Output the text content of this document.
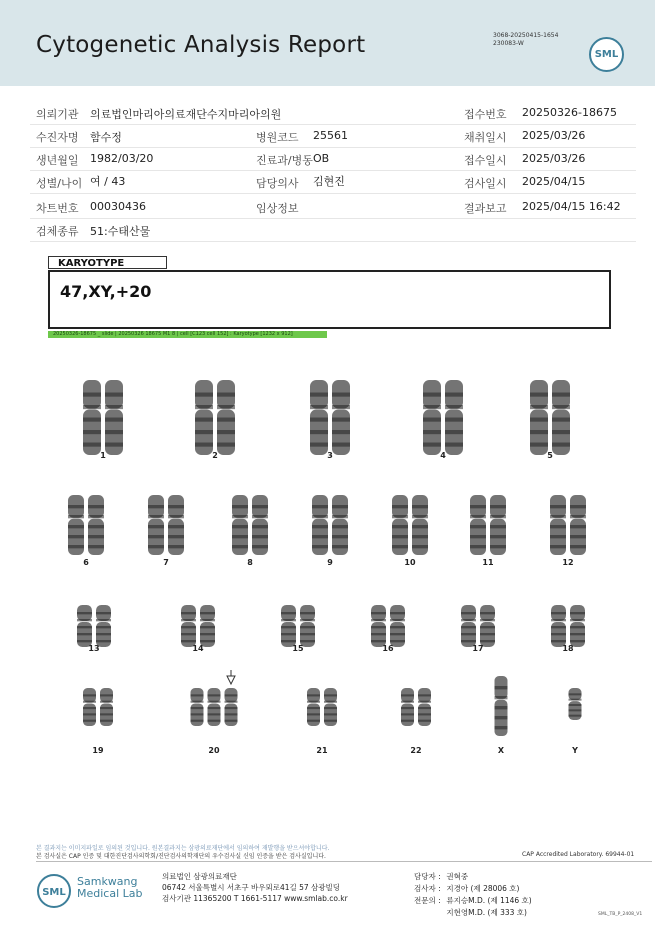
Cytogenetic Analysis Report	3068-20250415-1654
230083-W
SML
의뢰기관 의료법인마리아의료재단수지마리아의원	접수번호 20250326-18675
수진자명 함수정	병원코드 25561	채취일시 2025/03/26
생년월일 1982/03/20	진료과/병동 OB	접수일시 2025/03/26
성별/나이 여 / 43	담당의사 김현진	검사일시 2025/04/15
차트번호 00030436	임상정보	결과보고 2025/04/15 16:42
검체종류 51:수태산물
KARYOTYPE
47,XY,+20
20250326-18675 _ slide | 20250326 18675 M1 8 | cell [C123 cell 152] : Karyotype [1232 x 912]
1	2	3	4	5
6	7	8	9	10	11	12
13	14	15	16	17	18
19	20	21	22	X	Y
본 결과지는 이미지파일로 임의된 것입니다. 원본결과지는 삼광의료재단에서 임의하여 재발행을 받으셔야합니다.
본 검사실은 CAP 인증 및 대한진단검사의학회/진단검사의학재단의 우수검사실 신임 인증을 받은 검사실입니다.	CAP Accredited Laboratory. 69944-01
SML
Samkwang
Medical Lab
의료법인 삼광의료재단
06742 서울특별시 서초구 바우뫼로41길 57 삼광빌딩
검사기관 11365200 T 1661-5117 www.smlab.co.kr
담당자 : 권혁중
검사자 : 지경아 (제 28006 호)
전문의 : 류지승M.D. (제 1146 호)
지현영M.D. (제 333 호)	SML_TB_P_2408_V1
